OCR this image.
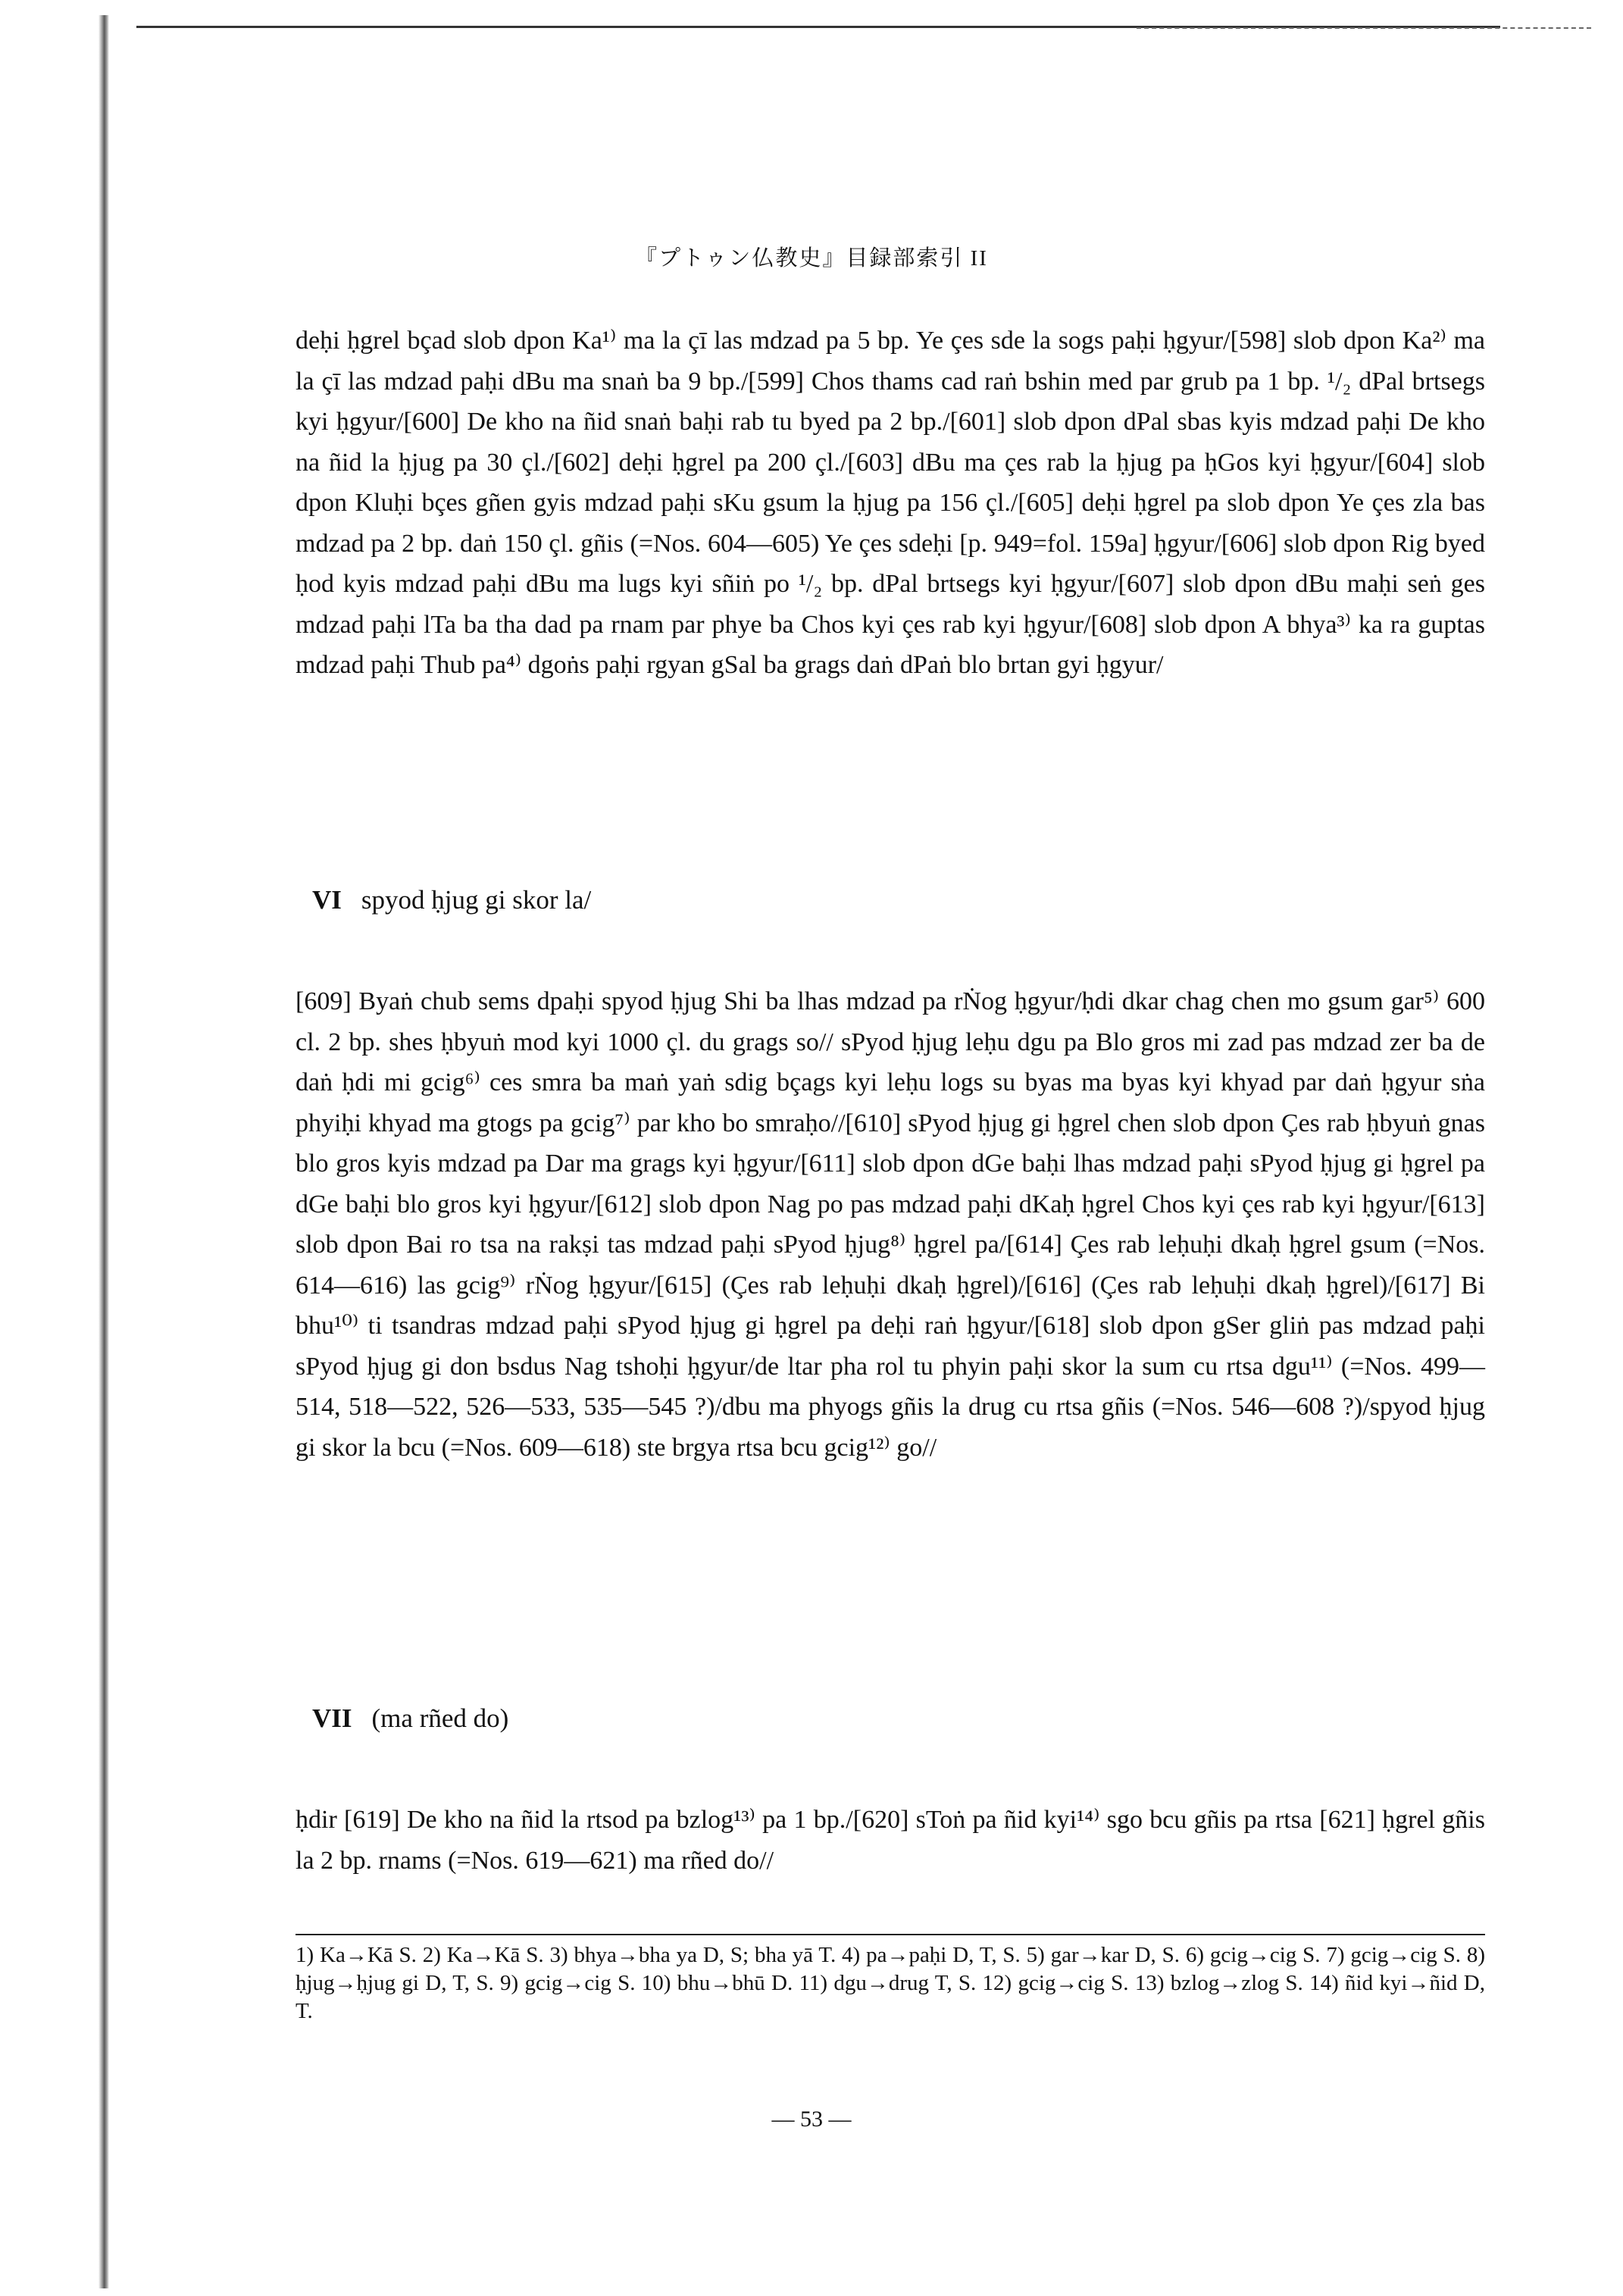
『プトゥン仏教史』目録部索引 II

deḥi ḥgrel bçad slob dpon Ka¹⁾ ma la çī las mdzad pa 5 bp. Ye çes sde la sogs paḥi ḥgyur/[598] slob dpon Ka²⁾ ma la çī las mdzad paḥi dBu ma snaṅ ba 9 bp./[599] Chos thams cad raṅ bshin med par grub pa 1 bp. ¹/₂ dPal brtsegs kyi ḥgyur/[600] De kho na ñid snaṅ baḥi rab tu byed pa 2 bp./[601] slob dpon dPal sbas kyis mdzad paḥi De kho na ñid la ḥjug pa 30 çl./[602] deḥi ḥgrel pa 200 çl./[603] dBu ma çes rab la ḥjug pa ḥGos kyi ḥgyur/[604] slob dpon Kluḥi bçes gñen gyis mdzad paḥi sKu gsum la ḥjug pa 156 çl./[605] deḥi ḥgrel pa slob dpon Ye çes zla bas mdzad pa 2 bp. daṅ 150 çl. gñis (=Nos. 604—605) Ye çes sdeḥi [p. 949=fol. 159a] ḥgyur/[606] slob dpon Rig byed ḥod kyis mdzad paḥi dBu ma lugs kyi sñiṅ po ¹/₂ bp. dPal brtsegs kyi ḥgyur/[607] slob dpon dBu maḥi seṅ ges mdzad paḥi lTa ba tha dad pa rnam par phye ba Chos kyi çes rab kyi ḥgyur/[608] slob dpon A bhya³⁾ ka ra guptas mdzad paḥi Thub pa⁴⁾ dgoṅs paḥi rgyan gSal ba grags daṅ dPaṅ blo brtan gyi ḥgyur/

VI spyod ḥjug gi skor la/

[609] Byaṅ chub sems dpaḥi spyod ḥjug Shi ba lhas mdzad pa rṄog ḥgyur/ḥdi dkar chag chen mo gsum gar⁵⁾ 600 cl. 2 bp. shes ḥbyuṅ mod kyi 1000 çl. du grags so// sPyod ḥjug leḥu dgu pa Blo gros mi zad pas mdzad zer ba de daṅ ḥdi mi gcig⁶⁾ ces smra ba maṅ yaṅ sdig bçags kyi leḥu logs su byas ma byas kyi khyad par daṅ ḥgyur sṅa phyiḥi khyad ma gtogs pa gcig⁷⁾ par kho bo smraḥo//[610] sPyod ḥjug gi ḥgrel chen slob dpon Çes rab ḥbyuṅ gnas blo gros kyis mdzad pa Dar ma grags kyi ḥgyur/[611] slob dpon dGe baḥi lhas mdzad paḥi sPyod ḥjug gi ḥgrel pa dGe baḥi blo gros kyi ḥgyur/[612] slob dpon Nag po pas mdzad paḥi dKaḥ ḥgrel Chos kyi çes rab kyi ḥgyur/[613] slob dpon Bai ro tsa na rakṣi tas mdzad paḥi sPyod ḥjug⁸⁾ ḥgrel pa/[614] Çes rab leḥuḥi dkaḥ ḥgrel gsum (=Nos. 614—616) las gcig⁹⁾ rṄog ḥgyur/[615] (Çes rab leḥuḥi dkaḥ ḥgrel)/[616] (Çes rab leḥuḥi dkaḥ ḥgrel)/[617] Bi bhu¹⁰⁾ ti tsandras mdzad paḥi sPyod ḥjug gi ḥgrel pa deḥi raṅ ḥgyur/[618] slob dpon gSer gliṅ pas mdzad paḥi sPyod ḥjug gi don bsdus Nag tshoḥi ḥgyur/de ltar pha rol tu phyin paḥi skor la sum cu rtsa dgu¹¹⁾ (=Nos. 499—514, 518—522, 526—533, 535—545 ?)/dbu ma phyogs gñis la drug cu rtsa gñis (=Nos. 546—608 ?)/spyod ḥjug gi skor la bcu (=Nos. 609—618) ste brgya rtsa bcu gcig¹²⁾ go//

VII (ma rñed do)

ḥdir [619] De kho na ñid la rtsod pa bzlog¹³⁾ pa 1 bp./[620] sToṅ pa ñid kyi¹⁴⁾ sgo bcu gñis pa rtsa [621] ḥgrel gñis la 2 bp. rnams (=Nos. 619—621) ma rñed do//

1) Ka→Kā S. 2) Ka→Kā S. 3) bhya→bha ya D, S; bha yā T. 4) pa→paḥi D, T, S. 5) gar→kar D, S. 6) gcig→cig S. 7) gcig→cig S. 8) ḥjug→ḥjug gi D, T, S. 9) gcig→cig S. 10) bhu→bhū D. 11) dgu→drug T, S. 12) gcig→cig S. 13) bzlog→zlog S. 14) ñid kyi→ñid D, T.

— 53 —
